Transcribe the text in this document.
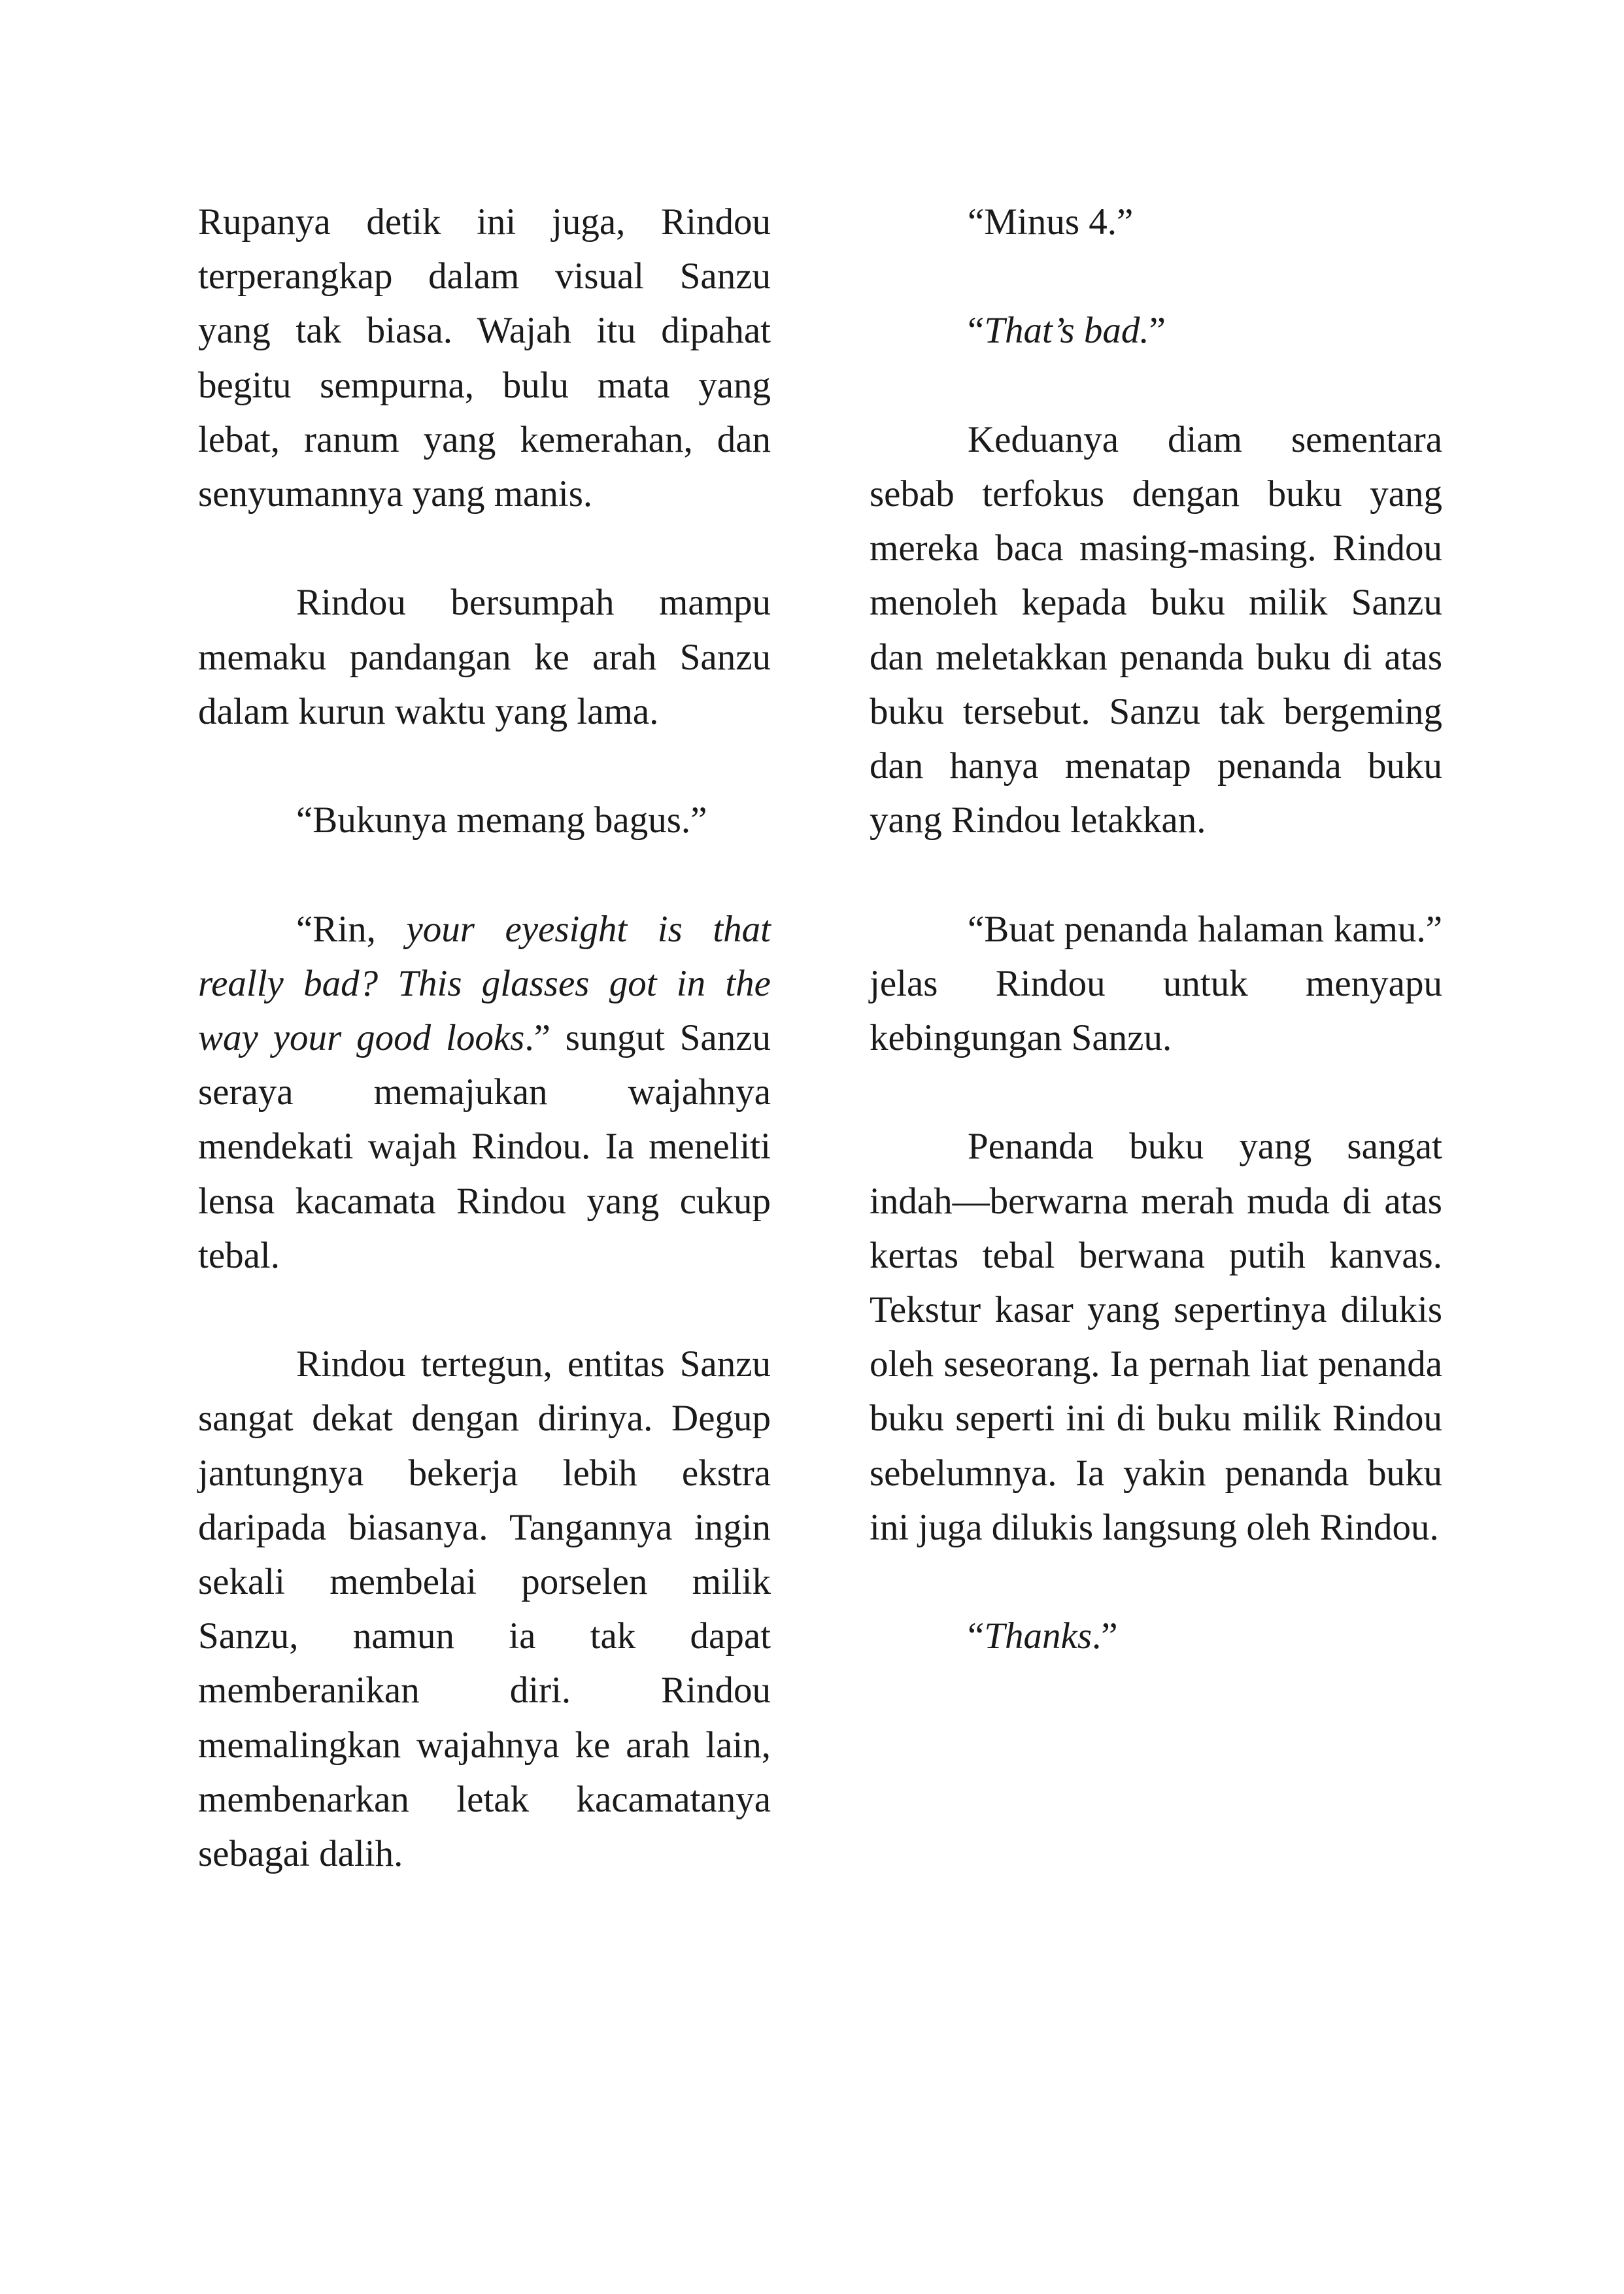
Rupanya detik ini juga, Rindou terperangkap dalam visual Sanzu yang tak biasa. Wajah itu dipahat begitu sempurna, bulu mata yang lebat, ranum yang kemerahan, dan senyumannya yang manis.

Rindou bersumpah mampu memaku pandangan ke arah Sanzu dalam kurun waktu yang lama.

“Bukunya memang bagus.”

“Rin, your eyesight is that really bad? This glasses got in the way your good looks.” sungut Sanzu seraya memajukan wajahnya mendekati wajah Rindou. Ia meneliti lensa kacamata Rindou yang cukup tebal.

Rindou tertegun, entitas Sanzu sangat dekat dengan dirinya. Degup jantungnya bekerja lebih ekstra daripada biasanya. Tangannya ingin sekali membelai porselen milik Sanzu, namun ia tak dapat memberanikan diri. Rindou memalingkan wajahnya ke arah lain, membenarkan letak kacamatanya sebagai dalih.

“Minus 4.”

“That’s bad.”

Keduanya diam sementara sebab terfokus dengan buku yang mereka baca masing-masing. Rindou menoleh kepada buku milik Sanzu dan meletakkan penanda buku di atas buku tersebut. Sanzu tak bergeming dan hanya menatap penanda buku yang Rindou letakkan.

“Buat penanda halaman kamu.” jelas Rindou untuk menyapu kebingungan Sanzu.

Penanda buku yang sangat indah—berwarna merah muda di atas kertas tebal berwana putih kanvas. Tekstur kasar yang sepertinya dilukis oleh seseorang. Ia pernah liat penanda buku seperti ini di buku milik Rindou sebelumnya. Ia yakin penanda buku ini juga dilukis langsung oleh Rindou.

“Thanks.”
